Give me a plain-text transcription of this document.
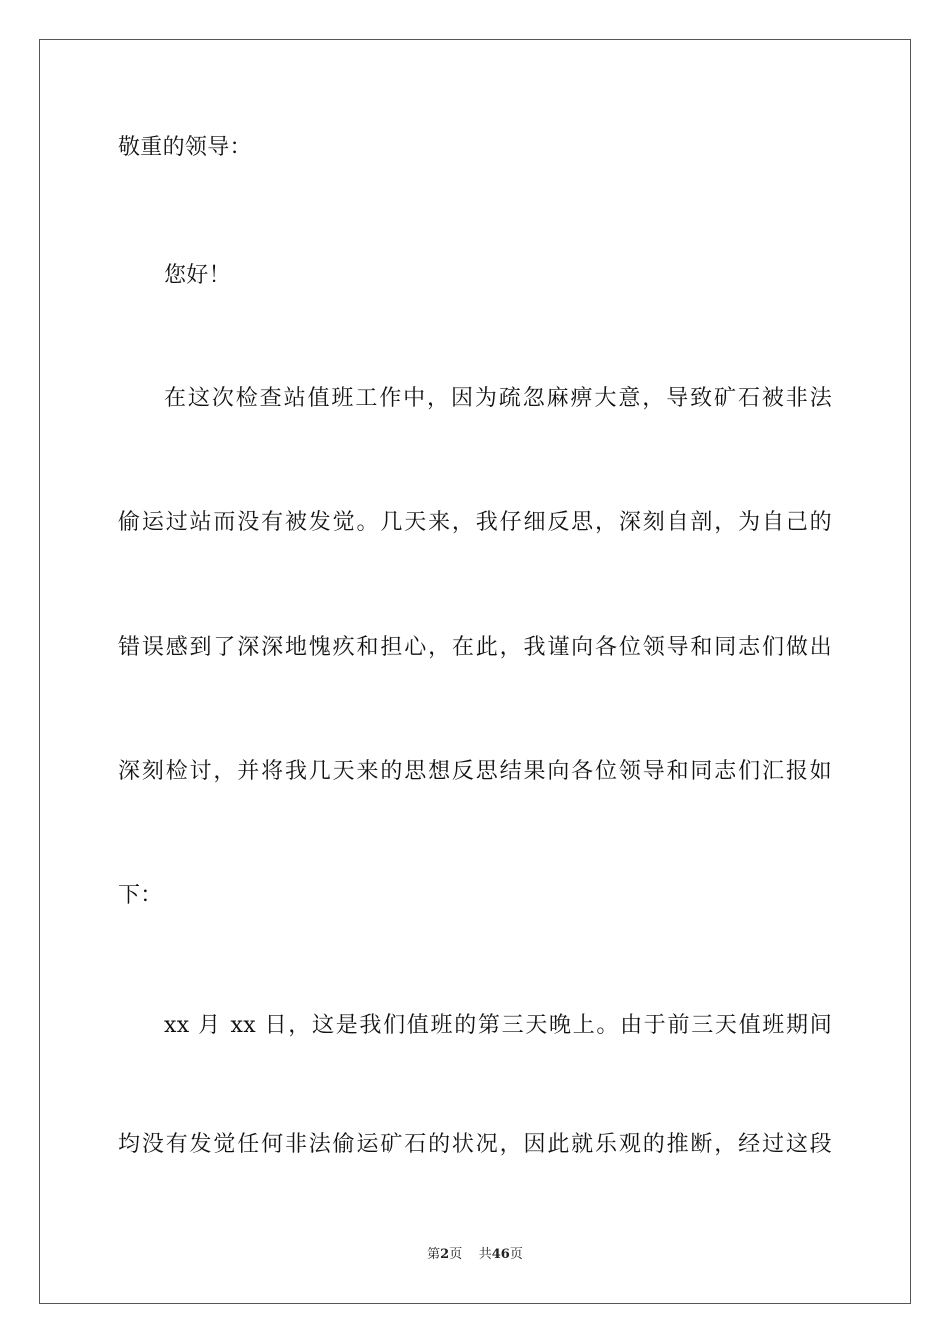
敬重的领导：
您好！
在这次检查站值班工作中，因为疏忽麻痹大意，导致矿石被非法
偷运过站而没有被发觉。几天来，我仔细反思，深刻自剖，为自己的
错误感到了深深地愧疚和担心，在此，我谨向各位领导和同志们做出
深刻检讨，并将我几天来的思想反思结果向各位领导和同志们汇报如
下：
xx 月 xx 日，这是我们值班的第三天晚上。由于前三天值班期间
均没有发觉任何非法偷运矿石的状况，因此就乐观的推断，经过这段
第2页 共46页
